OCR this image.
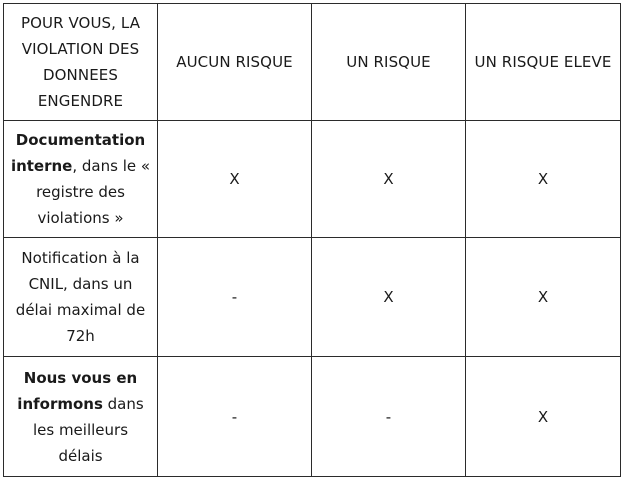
POUR VOUS, LA VIOLATION DES DONNEES ENGENDRE	AUCUN RISQUE	UN RISQUE	UN RISQUE ELEVE
Documentation interne, dans le « registre des violations »	X	X	X
Notification à la CNIL, dans un délai maximal de 72h	-	X	X
Nous vous en informons dans les meilleurs délais	-	-	X
